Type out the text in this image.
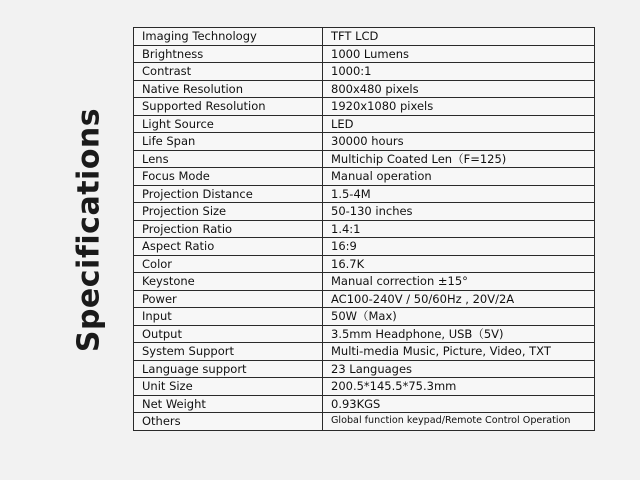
Specifications
Imaging Technology	TFT LCD
Brightness	1000 Lumens
Contrast	1000:1
Native Resolution	800x480 pixels
Supported Resolution	1920x1080 pixels
Light Source	LED
Life Span	30000 hours
Lens	Multichip Coated Len（F=125)
Focus Mode	Manual operation
Projection Distance	1.5-4M
Projection Size	50-130 inches
Projection Ratio	1.4:1
Aspect Ratio	16:9
Color	16.7K
Keystone	Manual correction ±15°
Power	AC100-240V / 50/60Hz , 20V/2A
Input	50W（Max)
Output	3.5mm Headphone, USB（5V)
System Support	Multi-media Music, Picture, Video, TXT
Language support	23 Languages
Unit Size	200.5*145.5*75.3mm
Net Weight	0.93KGS
Others	Global function keypad/Remote Control Operation
